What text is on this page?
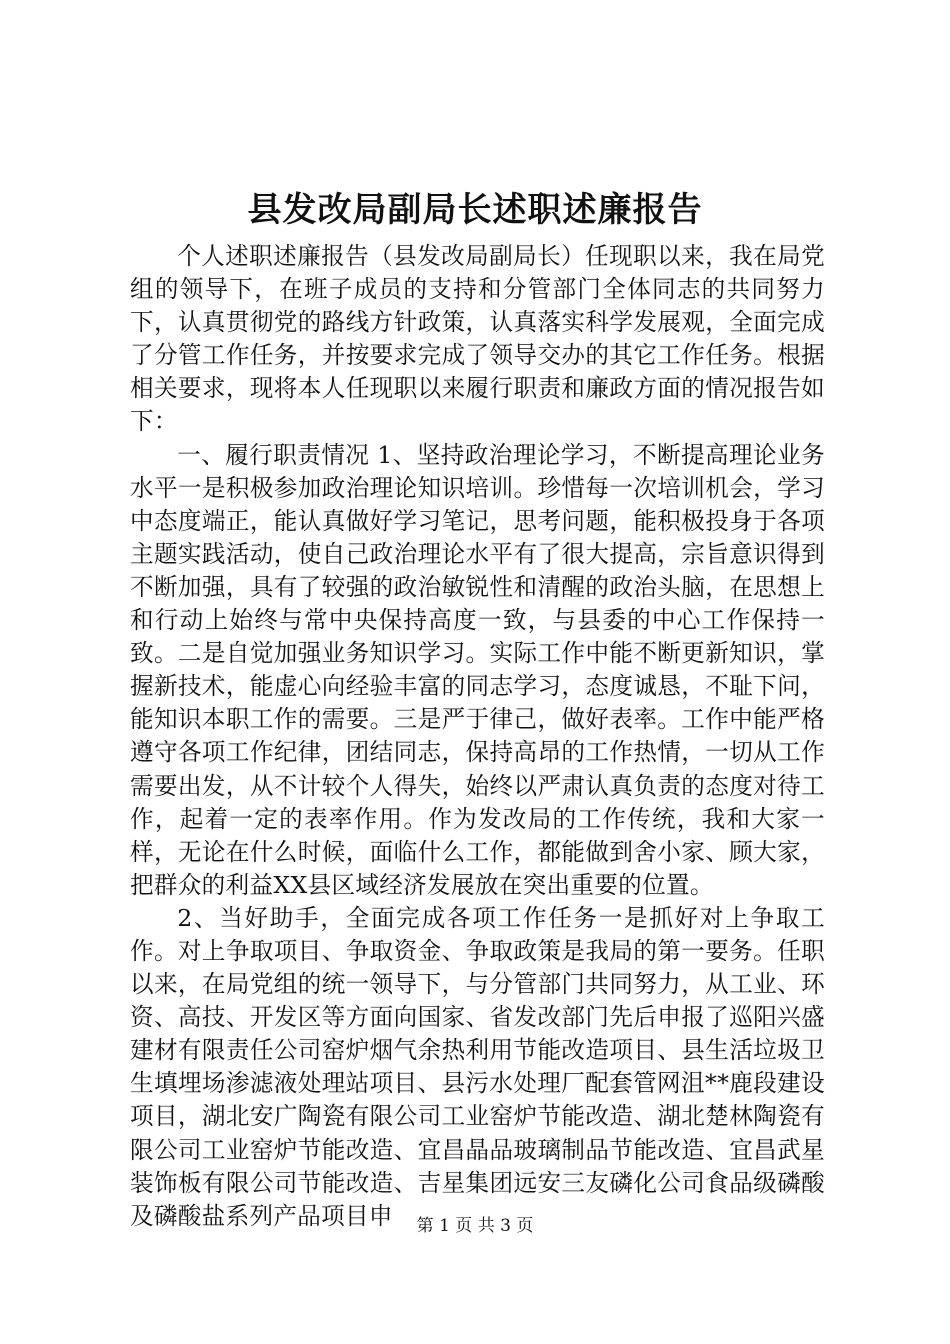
县发改局副局长述职述廉报告

个人述职述廉报告（县发改局副局长）任现职以来，我在局党组的领导下，在班子成员的支持和分管部门全体同志的共同努力下，认真贯彻党的路线方针政策，认真落实科学发展观，全面完成了分管工作任务，并按要求完成了领导交办的其它工作任务。根据相关要求，现将本人任现职以来履行职责和廉政方面的情况报告如下：

一、履行职责情况 1、坚持政治理论学习，不断提高理论业务水平一是积极参加政治理论知识培训。珍惜每一次培训机会，学习中态度端正，能认真做好学习笔记，思考问题，能积极投身于各项主题实践活动，使自己政治理论水平有了很大提高，宗旨意识得到不断加强，具有了较强的政治敏锐性和清醒的政治头脑，在思想上和行动上始终与常中央保持高度一致，与县委的中心工作保持一致。二是自觉加强业务知识学习。实际工作中能不断更新知识，掌握新技术，能虚心向经验丰富的同志学习，态度诚恳，不耻下问，能知识本职工作的需要。三是严于律己，做好表率。工作中能严格遵守各项工作纪律，团结同志，保持高昂的工作热情，一切从工作需要出发，从不计较个人得失，始终以严肃认真负责的态度对待工作，起着一定的表率作用。作为发改局的工作传统，我和大家一样，无论在什么时候，面临什么工作，都能做到舍小家、顾大家，把群众的利益XX县区域经济发展放在突出重要的位置。

2、当好助手，全面完成各项工作任务一是抓好对上争取工作。对上争取项目、争取资金、争取政策是我局的第一要务。任职以来，在局党组的统一领导下，与分管部门共同努力，从工业、环资、高技、开发区等方面向国家、省发改部门先后申报了巡阳兴盛建材有限责任公司窑炉烟气余热利用节能改造项目、县生活垃圾卫生填埋场渗滤液处理站项目、县污水处理厂配套管网沮**鹿段建设项目，湖北安广陶瓷有限公司工业窑炉节能改造、湖北楚林陶瓷有限公司工业窑炉节能改造、宜昌晶品玻璃制品节能改造、宜昌武星装饰板有限公司节能改造、吉星集团远安三友磷化公司食品级磷酸及磷酸盐系列产品项目申	第 1 页 共 3 页
